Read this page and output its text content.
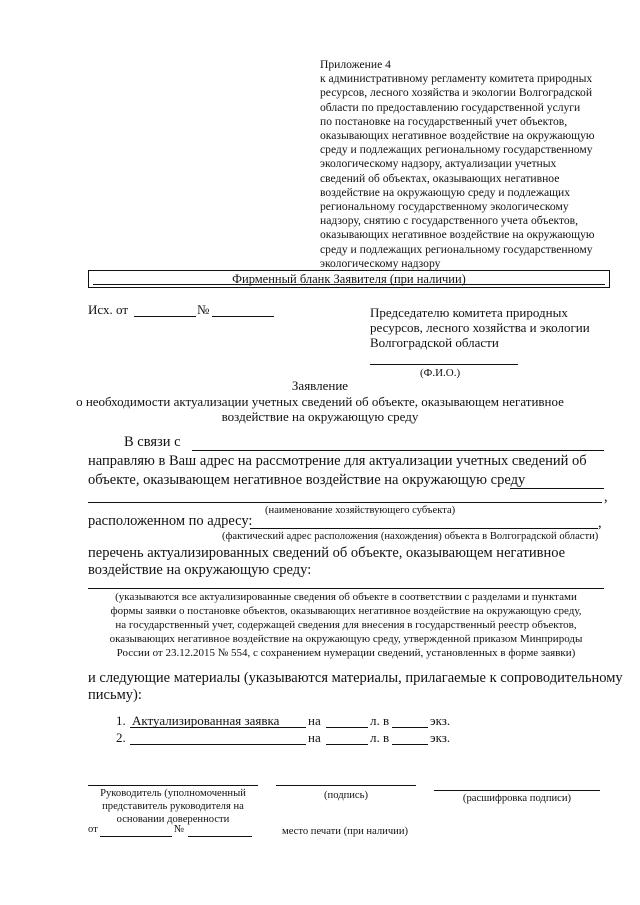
Приложение 4
к административному регламенту комитета природных
ресурсов, лесного хозяйства и экологии Волгоградской
области по предоставлению государственной услуги
по постановке на государственный учет объектов,
оказывающих негативное воздействие на окружающую
среду и подлежащих региональному государственному
экологическому надзору, актуализации учетных
сведений об объектах, оказывающих негативное
воздействие на окружающую среду и подлежащих
региональному государственному экологическому
надзору, снятию с государственного учета объектов,
оказывающих негативное воздействие на окружающую
среду и подлежащих региональному государственному
экологическому надзору
Фирменный бланк Заявителя (при наличии)
Исх. от	№	Председателю комитета природных
ресурсов, лесного хозяйства и экологии
Волгоградской области
(Ф.И.О.)
Заявление
о необходимости актуализации учетных сведений об объекте, оказывающем негативное
воздействие на окружающую среду
В связи с
направляю в Ваш адрес на рассмотрение для актуализации учетных сведений об
объекте, оказывающем негативное воздействие на окружающую среду
,
(наименование хозяйствующего субъекта)
расположенном по адресу:	,
(фактический адрес расположения (нахождения) объекта в Волгоградской области)
перечень актуализированных сведений об объекте, оказывающем негативное
воздействие на окружающую среду:
(указываются все актуализированные сведения об объекте в соответствии с разделами и пунктами
формы заявки о постановке объектов, оказывающих негативное воздействие на окружающую среду,
на государственный учет, содержащей сведения для внесения в государственный реестр объектов,
оказывающих негативное воздействие на окружающую среду, утвержденной приказом Минприроды
России от 23.12.2015 № 554, с сохранением нумерации сведений, установленных в форме заявки)
и следующие материалы (указываются материалы, прилагаемые к сопроводительному
письму):
1. Актуализированная заявка на	л. в	экз.
2.	на	л. в	экз.
Руководитель (уполномоченный
представитель руководителя на
основании доверенности
(подпись)	(расшифровка подписи)
от	№	место печати (при наличии)
